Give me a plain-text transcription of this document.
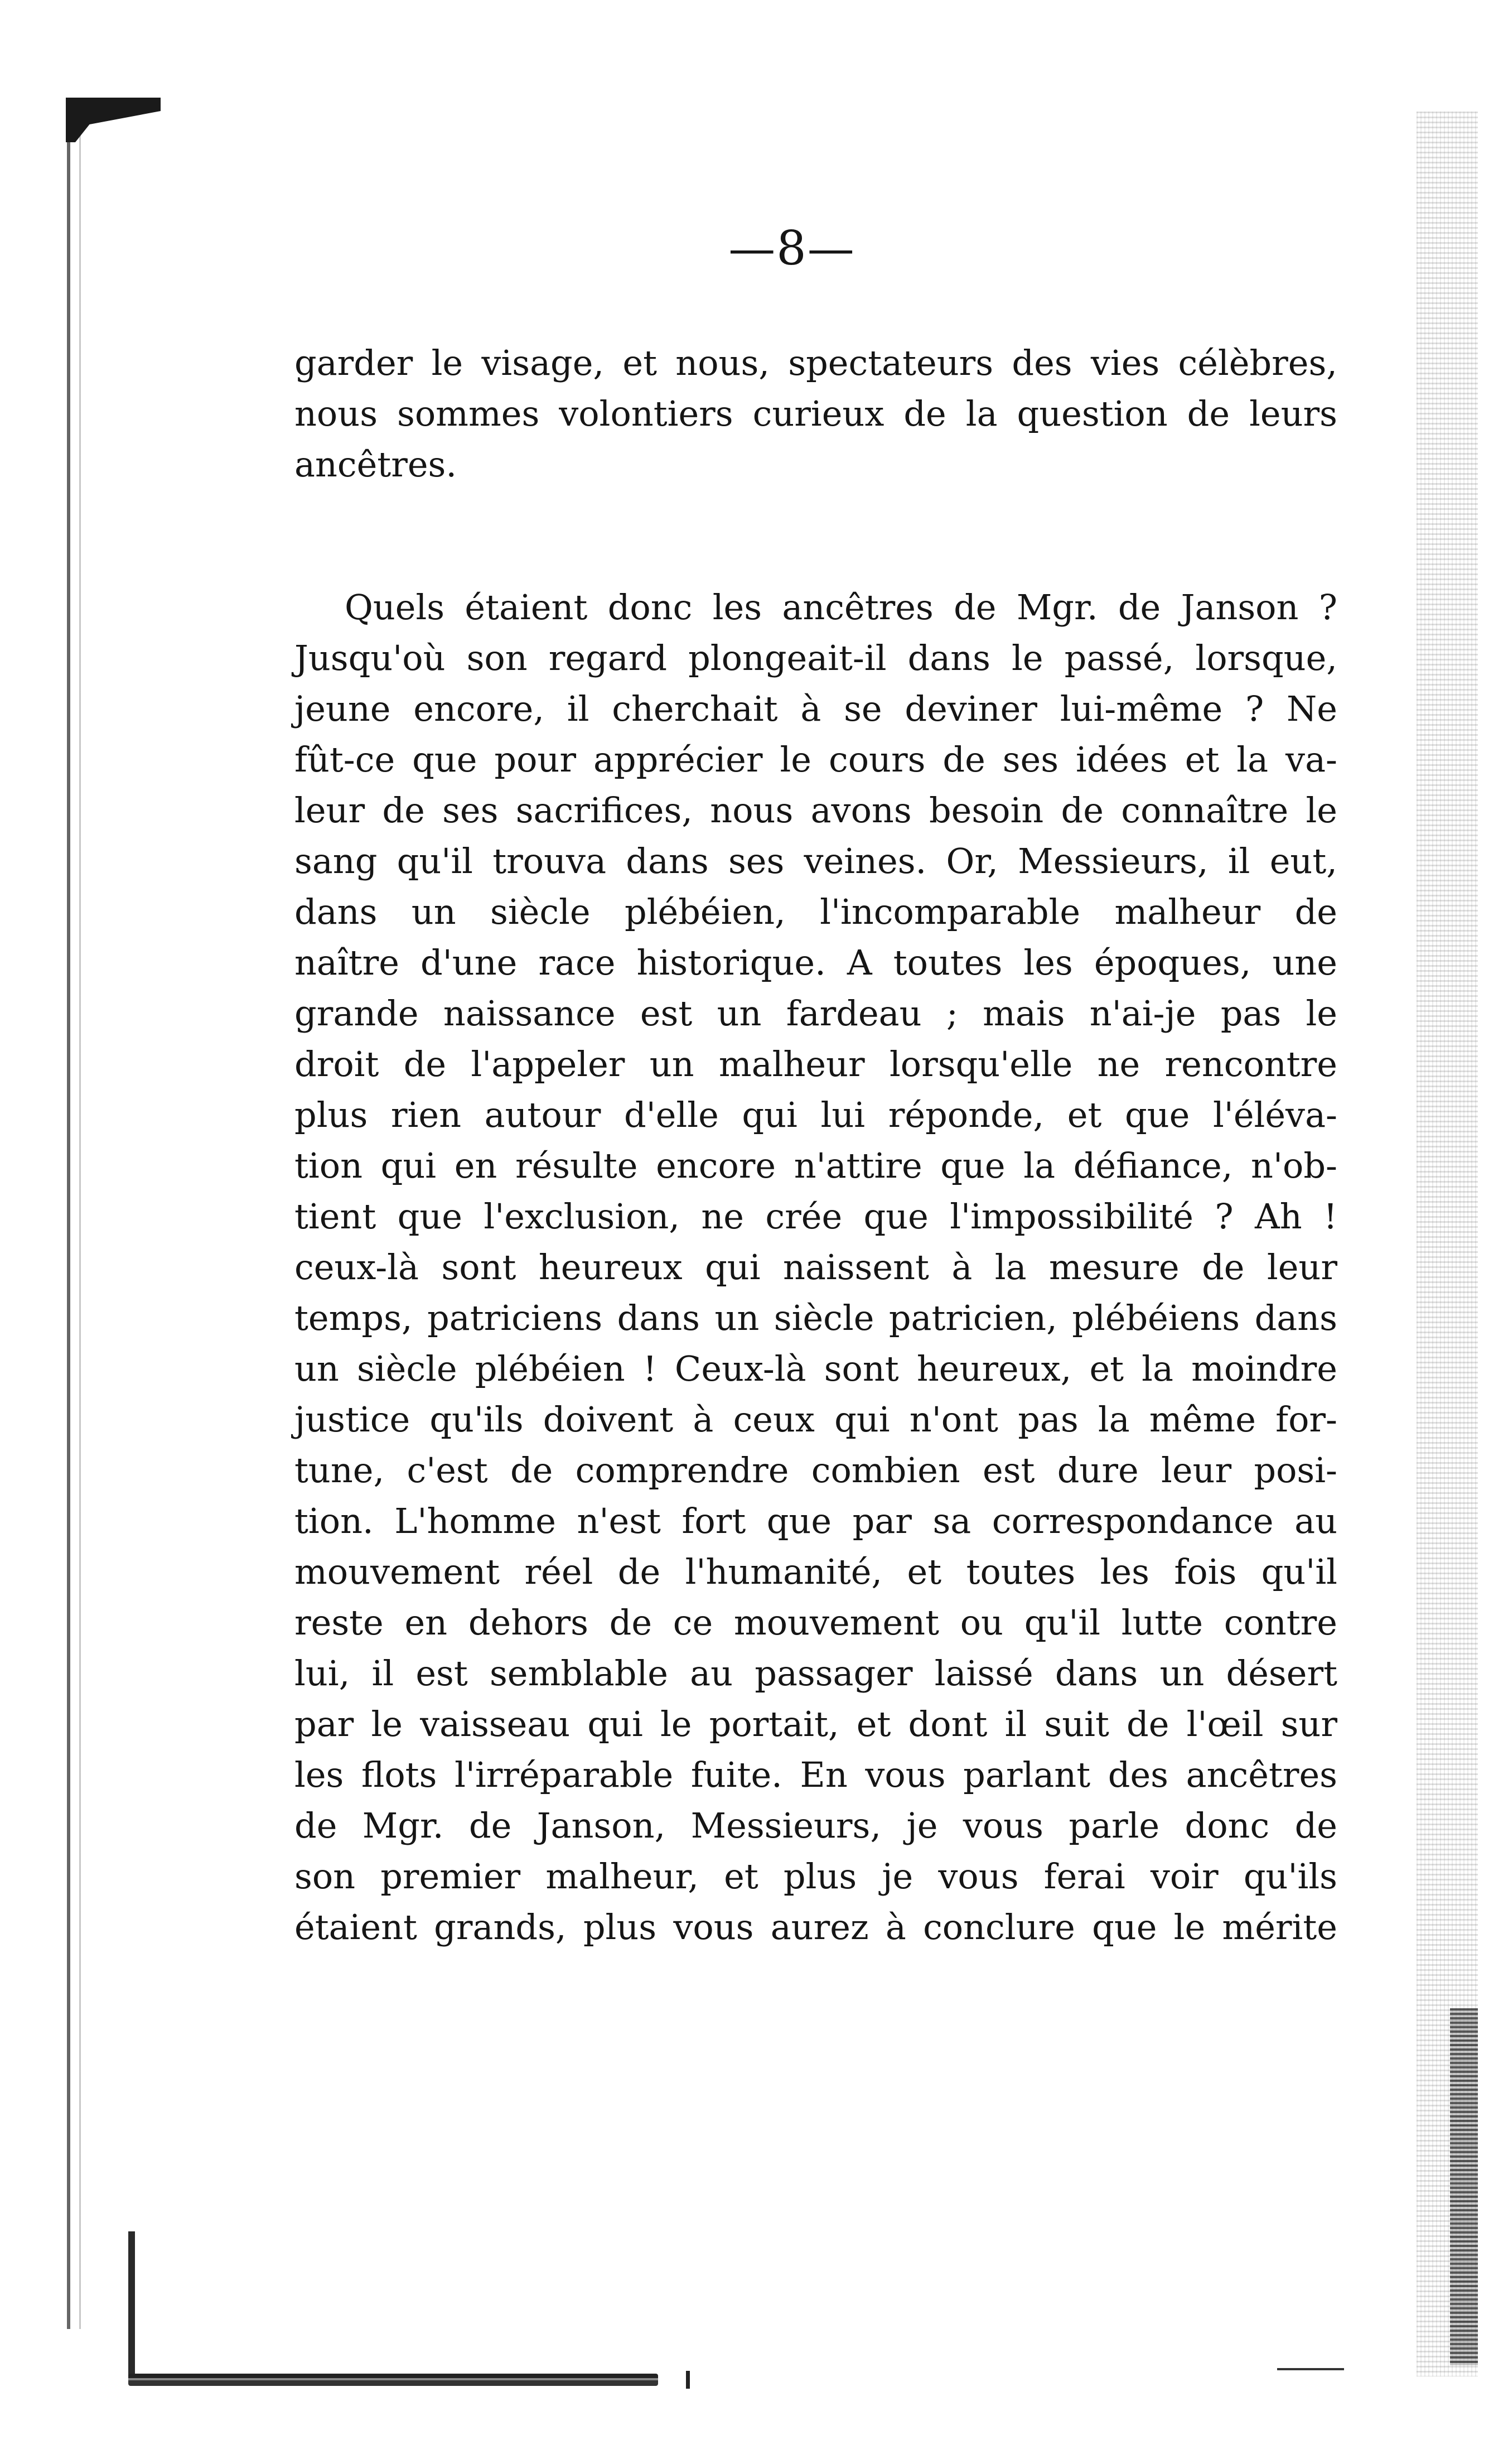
—8—
garder le visage, et nous, spectateurs des vies célèbres,
nous sommes volontiers curieux de la question de leurs
ancêtres.
Quels étaient donc les ancêtres de Mgr. de Janson ?
Jusqu'où son regard plongeait-il dans le passé, lorsque,
jeune encore, il cherchait à se deviner lui-même ? Ne
fût-ce que pour apprécier le cours de ses idées et la va-
leur de ses sacrifices, nous avons besoin de connaître le
sang qu'il trouva dans ses veines. Or, Messieurs, il eut,
dans un siècle plébéien, l'incomparable malheur de
naître d'une race historique. A toutes les époques, une
grande naissance est un fardeau ; mais n'ai-je pas le
droit de l'appeler un malheur lorsqu'elle ne rencontre
plus rien autour d'elle qui lui réponde, et que l'éléva-
tion qui en résulte encore n'attire que la défiance, n'ob-
tient que l'exclusion, ne crée que l'impossibilité ? Ah !
ceux-là sont heureux qui naissent à la mesure de leur
temps, patriciens dans un siècle patricien, plébéiens dans
un siècle plébéien ! Ceux-là sont heureux, et la moindre
justice qu'ils doivent à ceux qui n'ont pas la même for-
tune, c'est de comprendre combien est dure leur posi-
tion. L'homme n'est fort que par sa correspondance au
mouvement réel de l'humanité, et toutes les fois qu'il
reste en dehors de ce mouvement ou qu'il lutte contre
lui, il est semblable au passager laissé dans un désert
par le vaisseau qui le portait, et dont il suit de l'œil sur
les flots l'irréparable fuite. En vous parlant des ancêtres
de Mgr. de Janson, Messieurs, je vous parle donc de
son premier malheur, et plus je vous ferai voir qu'ils
étaient grands, plus vous aurez à conclure que le mérite
